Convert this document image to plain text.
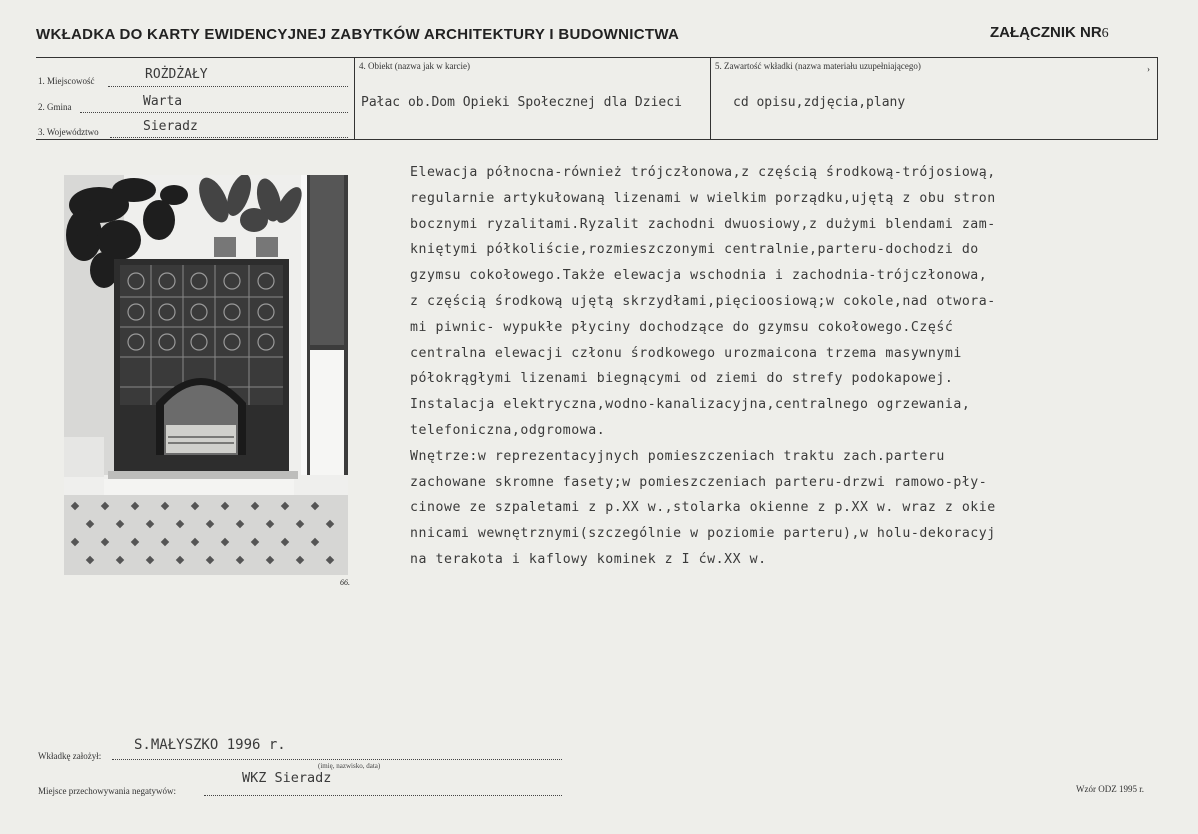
WKŁADKA DO KARTY EWIDENCYJNEJ ZABYTKÓW ARCHITEKTURY I BUDOWNICTWA	ZAŁĄCZNIK NR6
›
1. Miejscowość	ROŻDŻAŁY
2. Gmina	Warta
3. Województwo	Sieradz
4. Obiekt (nazwa jak w karcie)
Pałac ob.Dom Opieki Społecznej dla Dzieci
5. Zawartość wkładki (nazwa materiału uzupełniającego)
cd opisu,zdjęcia,plany
66.
Elewacja północna-również trójczłonowa,z częścią środkową-trójosiową,
regularnie artykułowaną lizenami w wielkim porządku,ujętą z obu stron
bocznymi ryzalitami.Ryzalit zachodni dwuosiowy,z dużymi blendami zam-
kniętymi półkoliście,rozmieszczonymi centralnie,parteru-dochodzi do
gzymsu cokołowego.Także elewacja wschodnia i zachodnia-trójczłonowa,
z częścią środkową ujętą skrzydłami,pięcioosiową;w cokole,nad otwora-
mi piwnic- wypukłe płyciny dochodzące do gzymsu cokołowego.Część
centralna elewacji członu środkowego urozmaicona trzema masywnymi
półokrągłymi lizenami biegnącymi od ziemi do strefy podokapowej.
Instalacja elektryczna,wodno-kanalizacyjna,centralnego ogrzewania,
telefoniczna,odgromowa.
Wnętrze:w reprezentacyjnych pomieszczeniach traktu zach.parteru
zachowane skromne fasety;w pomieszczeniach parteru-drzwi ramowo-pły-
cinowe ze szpaletami z p.XX w.,stolarka okienne z p.XX w. wraz z okie
nnicami wewnętrznymi(szczególnie w poziomie parteru),w holu-dekoracyj
na terakota i kaflowy kominek z I ćw.XX w.
S.MAŁYSZKO 1996 r.
Wkładkę założył:
(imię, nazwisko, data)
WKZ Sieradz
Miejsce przechowywania negatywów:	Wzór ODZ 1995 r.
